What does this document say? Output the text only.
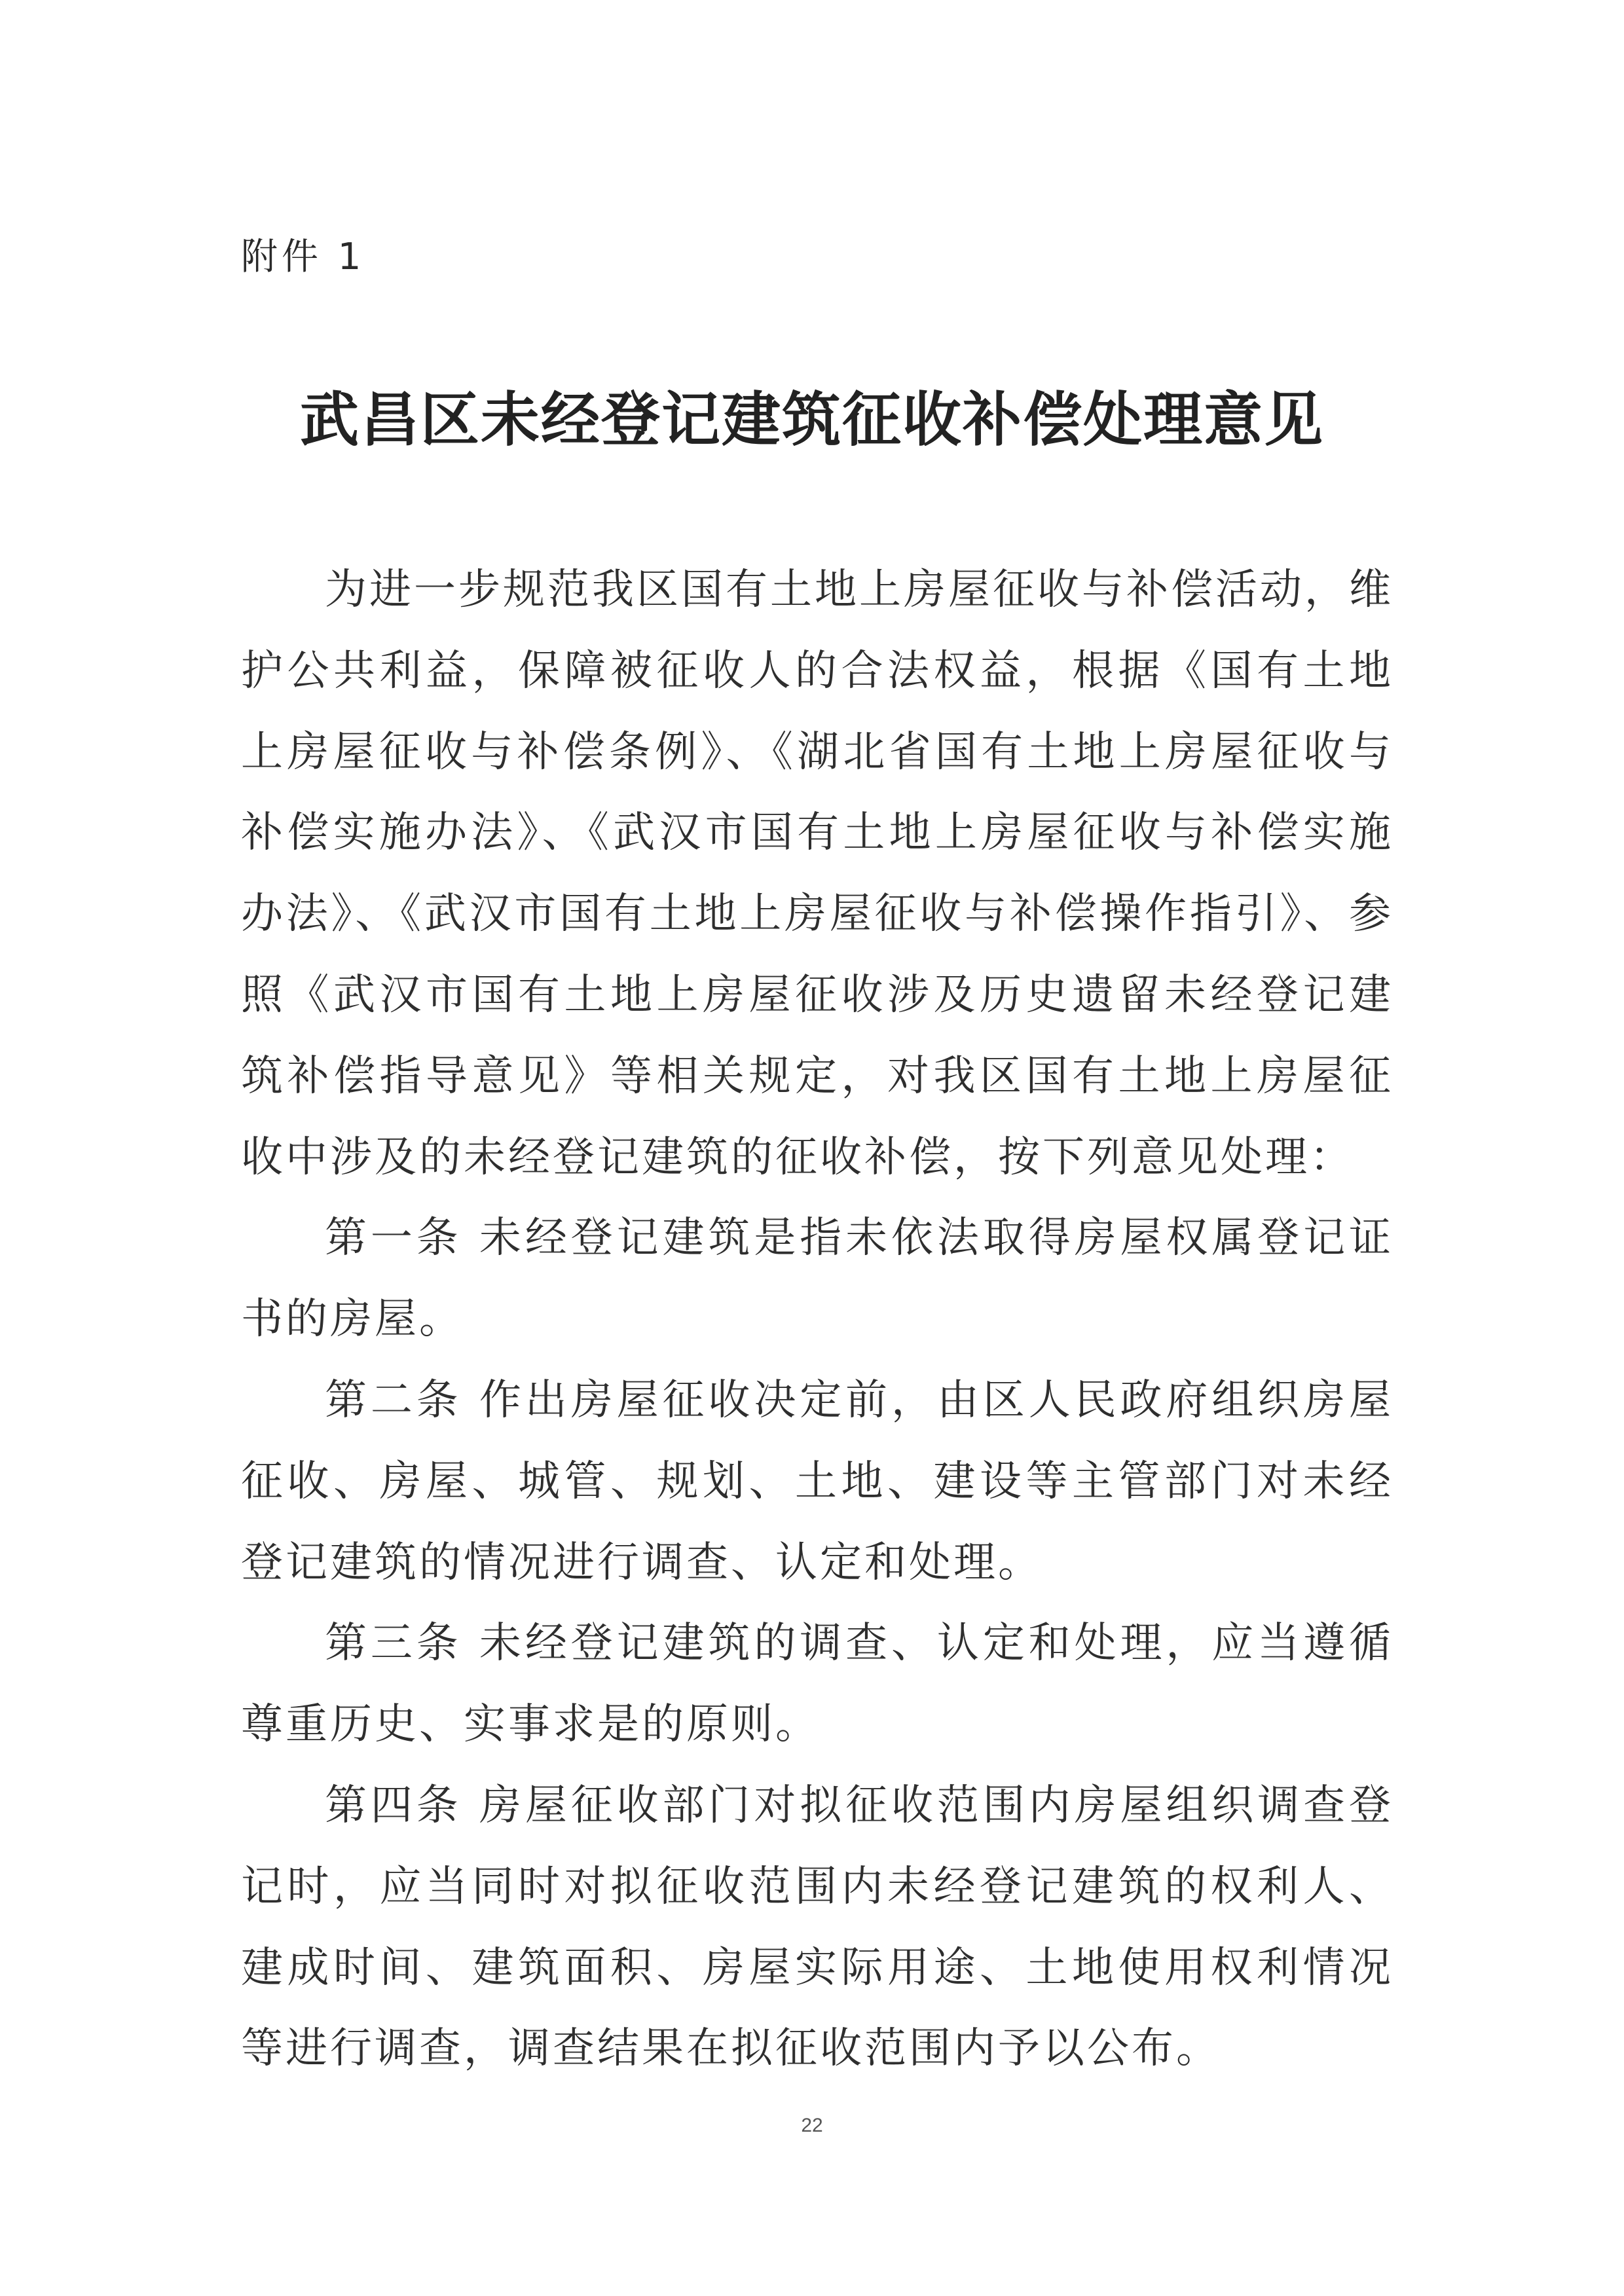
附件 1
武昌区未经登记建筑征收补偿处理意见

为进一步规范我区国有土地上房屋征收与补偿活动，维护公共利益，保障被征收人的合法权益，根据《国有土地上房屋征收与补偿条例》、《湖北省国有土地上房屋征收与补偿实施办法》、《武汉市国有土地上房屋征收与补偿实施办法》、《武汉市国有土地上房屋征收与补偿操作指引》、参照《武汉市国有土地上房屋征收涉及历史遗留未经登记建筑补偿指导意见》等相关规定，对我区国有土地上房屋征收中涉及的未经登记建筑的征收补偿，按下列意见处理：

第一条 未经登记建筑是指未依法取得房屋权属登记证书的房屋。

第二条 作出房屋征收决定前，由区人民政府组织房屋征收、房屋、城管、规划、土地、建设等主管部门对未经登记建筑的情况进行调查、认定和处理。

第三条 未经登记建筑的调查、认定和处理，应当遵循尊重历史、实事求是的原则。

第四条 房屋征收部门对拟征收范围内房屋组织调查登记时，应当同时对拟征收范围内未经登记建筑的权利人、建成时间、建筑面积、房屋实际用途、土地使用权利情况等进行调查，调查结果在拟征收范围内予以公布。

22
